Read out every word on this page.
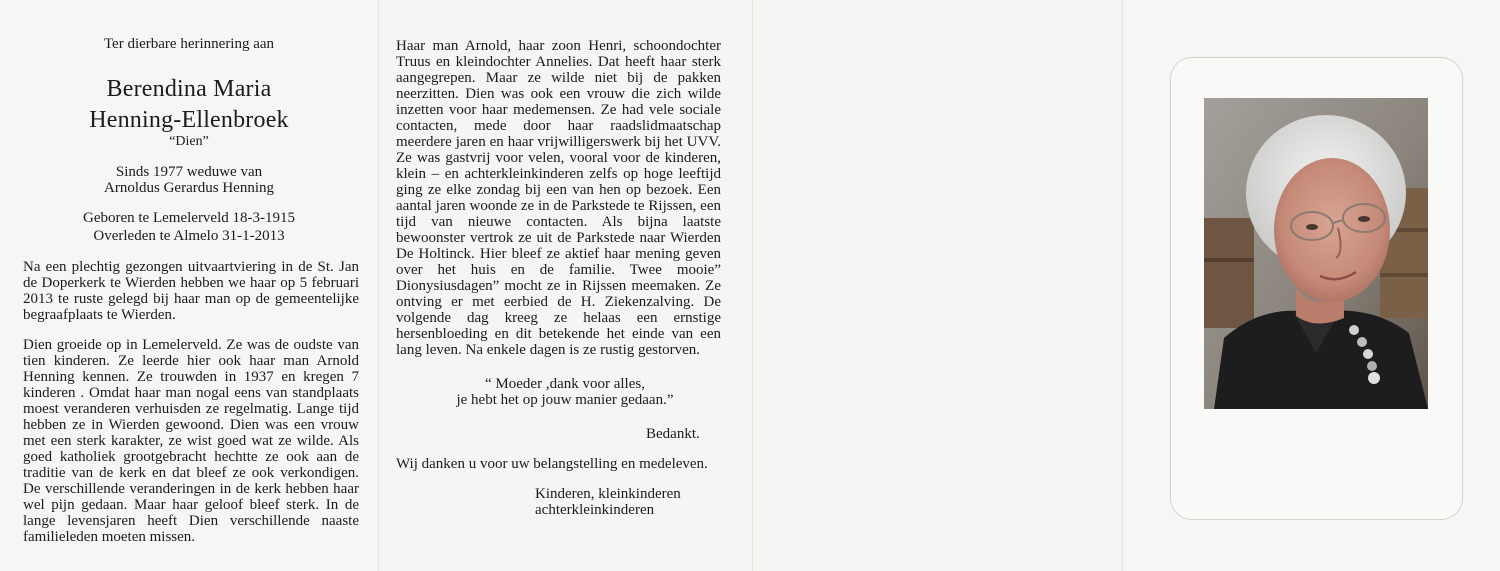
Ter dierbare herinnering aan
Berendina Maria
Henning-Ellenbroek
“Dien”
Sinds 1977 weduwe van
Arnoldus Gerardus Henning
Geboren te Lemelerveld 18-3-1915
Overleden te Almelo 31-1-2013

Na een plechtig gezongen uitvaartviering in de St. Jan de Doperkerk te Wierden hebben we haar op 5 februari 2013 te ruste gelegd bij haar man op de gemeentelijke begraafplaats te Wierden.

Dien groeide op in Lemelerveld. Ze was de oudste van tien kinderen. Ze leerde hier ook haar man Arnold Henning kennen. Ze trouwden in 1937 en kregen 7 kinderen . Omdat haar man nogal eens van standplaats moest veranderen verhuisden ze regelmatig. Lange tijd hebben ze in Wierden gewoond. Dien was een vrouw met een sterk karakter, ze wist goed wat ze wilde. Als goed katholiek grootgebracht hechtte ze ook aan de traditie van de kerk en dat bleef ze ook verkondigen. De verschillende veranderingen in de kerk hebben haar wel pijn gedaan. Maar haar geloof bleef sterk. In de lange levensjaren heeft Dien verschillende naaste familieleden moeten missen.

Haar man Arnold, haar zoon Henri, schoondochter Truus en kleindochter Annelies. Dat heeft haar sterk aangegrepen. Maar ze wilde niet bij de pakken neerzitten. Dien was ook een vrouw die zich wilde inzetten voor haar medemensen. Ze had vele sociale contacten, mede door haar raadslidmaatschap meerdere jaren en haar vrijwilligerswerk bij het UVV. Ze was gastvrij voor velen, vooral voor de kinderen, klein – en achterkleinkinderen zelfs op hoge leeftijd ging ze elke zondag bij een van hen op bezoek. Een aantal jaren woonde ze in de Parkstede te Rijssen, een tijd van nieuwe contacten. Als bijna laatste bewoonster vertrok ze uit de Parkstede naar Wierden De Holtinck. Hier bleef ze aktief haar mening geven over het huis en de familie. Twee mooie” Dionysiusdagen” mocht ze in Rijssen meemaken. Ze ontving er met eerbied de H. Ziekenzalving. De volgende dag kreeg ze helaas een ernstige hersenbloeding en dit betekende het einde van een lang leven. Na enkele dagen is ze rustig gestorven.

“ Moeder ,dank voor alles,
je hebt het op jouw manier gedaan.”
Bedankt.
Wij danken u voor uw belangstelling en medeleven.
Kinderen, kleinkinderen
achterkleinkinderen
